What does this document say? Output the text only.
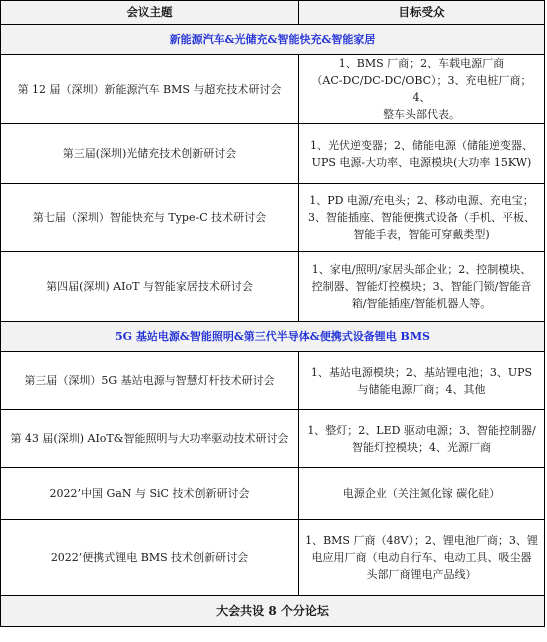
会议主题	目标受众
新能源汽车&光储充&智能快充&智能家居	
第 12 届（深圳）新能源汽车 BMS 与超充技术研讨会	1、BMS 厂商；2、车载电源厂商
（AC-DC/DC-DC/OBC）；3、充电桩厂商；4、
整车头部代表。

第三届(深圳)光储充技术创新研讨会	1、光伏逆变器；2、储能电源（储能逆变器、
UPS 电源-大功率、电源模块(大功率 15KW)

第七届（深圳）智能快充与 Type-C 技术研讨会	1、PD 电源/充电头；2、移动电源、充电宝；
3、智能插座、智能便携式设备（手机、平板、
智能手表，智能可穿戴类型)

第四届(深圳) AIoT 与智能家居技术研讨会	1、家电/照明/家居头部企业；2、控制模块、
控制器、智能灯控模块；3、智能门锁/智能音
箱/智能插座/智能机器人等。

5G 基站电源&智能照明&第三代半导体&便携式设备锂电 BMS	
第三届（深圳）5G 基站电源与智慧灯杆技术研讨会	1、基站电源模块；2、基站锂电池；3、UPS
与储能电源厂商；4、其他

第 43 届(深圳) AIoT&智能照明与大功率驱动技术研讨会	1、整灯；2、LED 驱动电源；3、智能控制器/
智能灯控模块；4、光源厂商

2022’中国 GaN 与 SiC 技术创新研讨会	电源企业（关注氮化镓 碳化硅）

2022’便携式锂电 BMS 技术创新研讨会	1、BMS 厂商（48V）；2、锂电池厂商；3、锂
电应用厂商（电动自行车、电动工具、吸尘器
头部厂商锂电产品线）

大会共设 8 个分论坛	
